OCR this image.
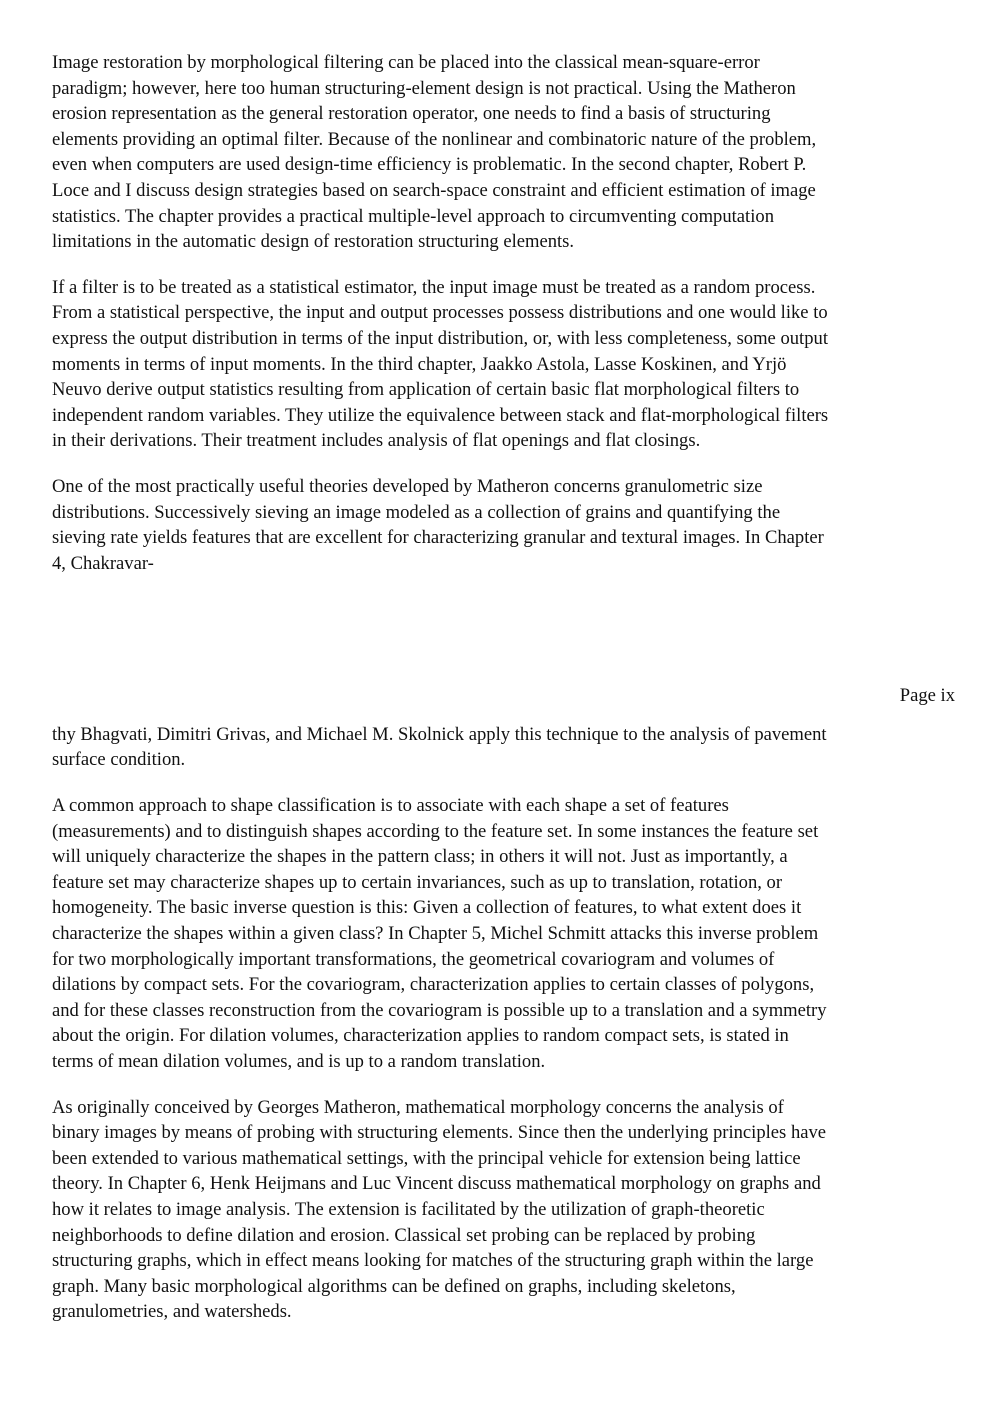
Image restoration by morphological filtering can be placed into the classical mean-square-error
paradigm; however, here too human structuring-element design is not practical. Using the Matheron
erosion representation as the general restoration operator, one needs to find a basis of structuring
elements providing an optimal filter. Because of the nonlinear and combinatoric nature of the problem,
even when computers are used design-time efficiency is problematic. In the second chapter, Robert P.
Loce and I discuss design strategies based on search-space constraint and efficient estimation of image
statistics. The chapter provides a practical multiple-level approach to circumventing computation
limitations in the automatic design of restoration structuring elements.

If a filter is to be treated as a statistical estimator, the input image must be treated as a random process.
From a statistical perspective, the input and output processes possess distributions and one would like to
express the output distribution in terms of the input distribution, or, with less completeness, some output
moments in terms of input moments. In the third chapter, Jaakko Astola, Lasse Koskinen, and Yrjö
Neuvo derive output statistics resulting from application of certain basic flat morphological filters to
independent random variables. They utilize the equivalence between stack and flat-morphological filters
in their derivations. Their treatment includes analysis of flat openings and flat closings.

One of the most practically useful theories developed by Matheron concerns granulometric size
distributions. Successively sieving an image modeled as a collection of grains and quantifying the
sieving rate yields features that are excellent for characterizing granular and textural images. In Chapter
4, Chakravar-

Page ix

thy Bhagvati, Dimitri Grivas, and Michael M. Skolnick apply this technique to the analysis of pavement
surface condition.

A common approach to shape classification is to associate with each shape a set of features
(measurements) and to distinguish shapes according to the feature set. In some instances the feature set
will uniquely characterize the shapes in the pattern class; in others it will not. Just as importantly, a
feature set may characterize shapes up to certain invariances, such as up to translation, rotation, or
homogeneity. The basic inverse question is this: Given a collection of features, to what extent does it
characterize the shapes within a given class? In Chapter 5, Michel Schmitt attacks this inverse problem
for two morphologically important transformations, the geometrical covariogram and volumes of
dilations by compact sets. For the covariogram, characterization applies to certain classes of polygons,
and for these classes reconstruction from the covariogram is possible up to a translation and a symmetry
about the origin. For dilation volumes, characterization applies to random compact sets, is stated in
terms of mean dilation volumes, and is up to a random translation.

As originally conceived by Georges Matheron, mathematical morphology concerns the analysis of
binary images by means of probing with structuring elements. Since then the underlying principles have
been extended to various mathematical settings, with the principal vehicle for extension being lattice
theory. In Chapter 6, Henk Heijmans and Luc Vincent discuss mathematical morphology on graphs and
how it relates to image analysis. The extension is facilitated by the utilization of graph-theoretic
neighborhoods to define dilation and erosion. Classical set probing can be replaced by probing
structuring graphs, which in effect means looking for matches of the structuring graph within the large
graph. Many basic morphological algorithms can be defined on graphs, including skeletons,
granulometries, and watersheds.
